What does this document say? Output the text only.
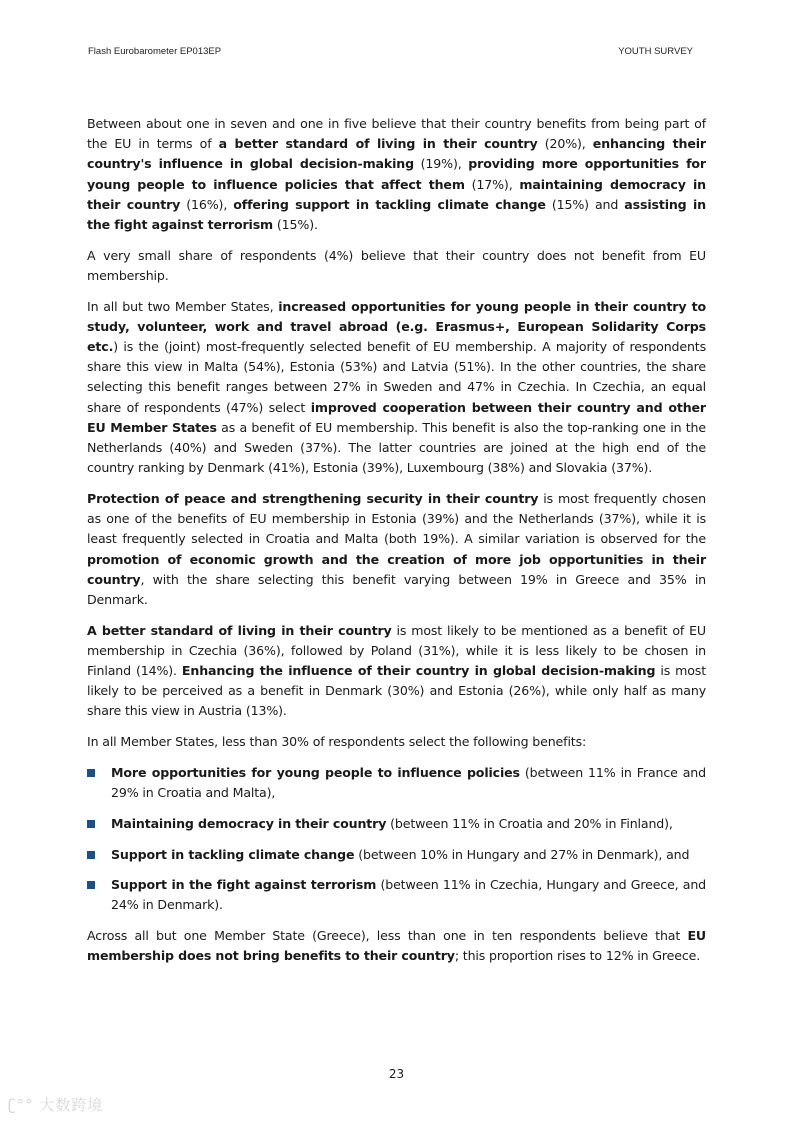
Flash Eurobarometer EP013EP	YOUTH SURVEY

Between about one in seven and one in five believe that their country benefits from being part of the EU in terms of a better standard of living in their country (20%), enhancing their country's influence in global decision-making (19%), providing more opportunities for young people to influence policies that affect them (17%), maintaining democracy in their country (16%), offering support in tackling climate change (15%) and assisting in the fight against terrorism (15%).

A very small share of respondents (4%) believe that their country does not benefit from EU membership.

In all but two Member States, increased opportunities for young people in their country to study, volunteer, work and travel abroad (e.g. Erasmus+, European Solidarity Corps etc.) is the (joint) most-frequently selected benefit of EU membership. A majority of respondents share this view in Malta (54%), Estonia (53%) and Latvia (51%). In the other countries, the share selecting this benefit ranges between 27% in Sweden and 47% in Czechia. In Czechia, an equal share of respondents (47%) select improved cooperation between their country and other EU Member States as a benefit of EU membership. This benefit is also the top-ranking one in the Netherlands (40%) and Sweden (37%). The latter countries are joined at the high end of the country ranking by Denmark (41%), Estonia (39%), Luxembourg (38%) and Slovakia (37%).

Protection of peace and strengthening security in their country is most frequently chosen as one of the benefits of EU membership in Estonia (39%) and the Netherlands (37%), while it is least frequently selected in Croatia and Malta (both 19%). A similar variation is observed for the promotion of economic growth and the creation of more job opportunities in their country, with the share selecting this benefit varying between 19% in Greece and 35% in Denmark.

A better standard of living in their country is most likely to be mentioned as a benefit of EU membership in Czechia (36%), followed by Poland (31%), while it is less likely to be chosen in Finland (14%). Enhancing the influence of their country in global decision-making is most likely to be perceived as a benefit in Denmark (30%) and Estonia (26%), while only half as many share this view in Austria (13%).

In all Member States, less than 30% of respondents select the following benefits:

More opportunities for young people to influence policies (between 11% in France and 29% in Croatia and Malta),
Maintaining democracy in their country (between 11% in Croatia and 20% in Finland),
Support in tackling climate change (between 10% in Hungary and 27% in Denmark), and
Support in the fight against terrorism (between 11% in Czechia, Hungary and Greece, and 24% in Denmark).

Across all but one Member State (Greece), less than one in ten respondents believe that EU membership does not bring benefits to their country; this proportion rises to 12% in Greece.

23
ʗ°° 大数跨境
